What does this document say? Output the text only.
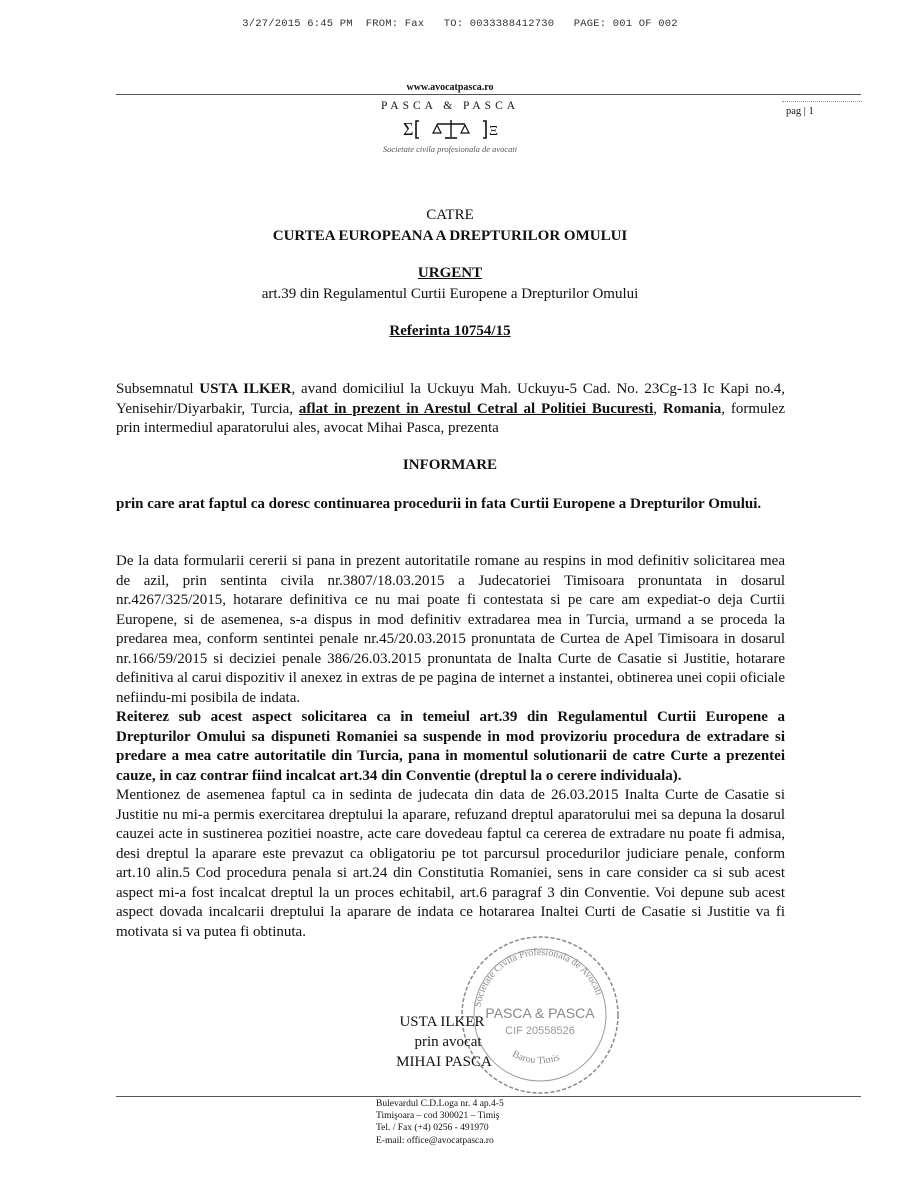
3/27/2015 6:45 PM  FROM: Fax   TO: 0033388412730   PAGE: 001 OF 002
www.avocatpasca.ro
pag | 1
PASCA & PASCA
Σ	Ξ
Societate civila profesionala de avocati
CATRE
CURTEA EUROPEANA A DREPTURILOR OMULUI
URGENT
art.39 din Regulamentul Curtii Europene a Drepturilor Omului
Referinta 10754/15
Subsemnatul USTA ILKER, avand domiciliul la Uckuyu Mah. Uckuyu-5 Cad. No. 23Cg-13 Ic Kapi no.4, Yenisehir/Diyarbakir, Turcia, aflat in prezent in Arestul Cetral al Politiei Bucuresti, Romania, formulez prin intermediul aparatorului ales, avocat Mihai Pasca, prezenta
INFORMARE
prin care arat faptul ca doresc continuarea procedurii in fata Curtii Europene a Drepturilor Omului.
De la data formularii cererii si pana in prezent autoritatile romane au respins in mod definitiv solicitarea mea de azil, prin sentinta civila nr.3807/18.03.2015 a Judecatoriei Timisoara pronuntata in dosarul nr.4267/325/2015, hotarare definitiva ce nu mai poate fi contestata si pe care am expediat-o deja Curtii Europene, si de asemenea, s-a dispus in mod definitiv extradarea mea in Turcia, urmand a se proceda la predarea mea, conform sentintei penale nr.45/20.03.2015 pronuntata de Curtea de Apel Timisoara in dosarul nr.166/59/2015 si deciziei penale 386/26.03.2015 pronuntata de Inalta Curte de Casatie si Justitie, hotarare definitiva al carui dispozitiv il anexez in extras de pe pagina de internet a instantei, obtinerea unei copii oficiale nefiindu-mi posibila de indata.
Reiterez sub acest aspect solicitarea ca in temeiul art.39 din Regulamentul Curtii Europene a Drepturilor Omului sa dispuneti Romaniei sa suspende in mod provizoriu procedura de extradare si predare a mea catre autoritatile din Turcia, pana in momentul solutionarii de catre Curte a prezentei cauze, in caz contrar fiind incalcat art.34 din Conventie (dreptul la o cerere individuala).
Mentionez de asemenea faptul ca in sedinta de judecata din data de 26.03.2015 Inalta Curte de Casatie si Justitie nu mi-a permis exercitarea dreptului la aparare, refuzand dreptul aparatorului mei sa depuna la dosarul cauzei acte in sustinerea pozitiei noastre, acte care dovedeau faptul ca cererea de extradare nu poate fi admisa, desi dreptul la aparare este prevazut ca obligatoriu pe tot parcursul procedurilor judiciare penale, conform art.10 alin.5 Cod procedura penala si art.24 din Constitutia Romaniei, sens in care consider ca si sub acest aspect mi-a fost incalcat dreptul la un proces echitabil, art.6 paragraf 3 din Conventie. Voi depune sub acest aspect dovada incalcarii dreptului la aparare de indata ce hotararea Inaltei Curti de Casatie si Justitie va fi motivata si va putea fi obtinuta.
Societate Civila Profesionala de Avocati
PASCA & PASCA
CIF 20558526
Barou Timis
USTA ILKER
prin avocat
MIHAI PASCA
Bulevardul C.D.Loga nr. 4 ap.4-5
Timişoara – cod 300021 – Timiş
Tel. / Fax (+4) 0256 - 491970
E-mail: office@avocatpasca.ro
